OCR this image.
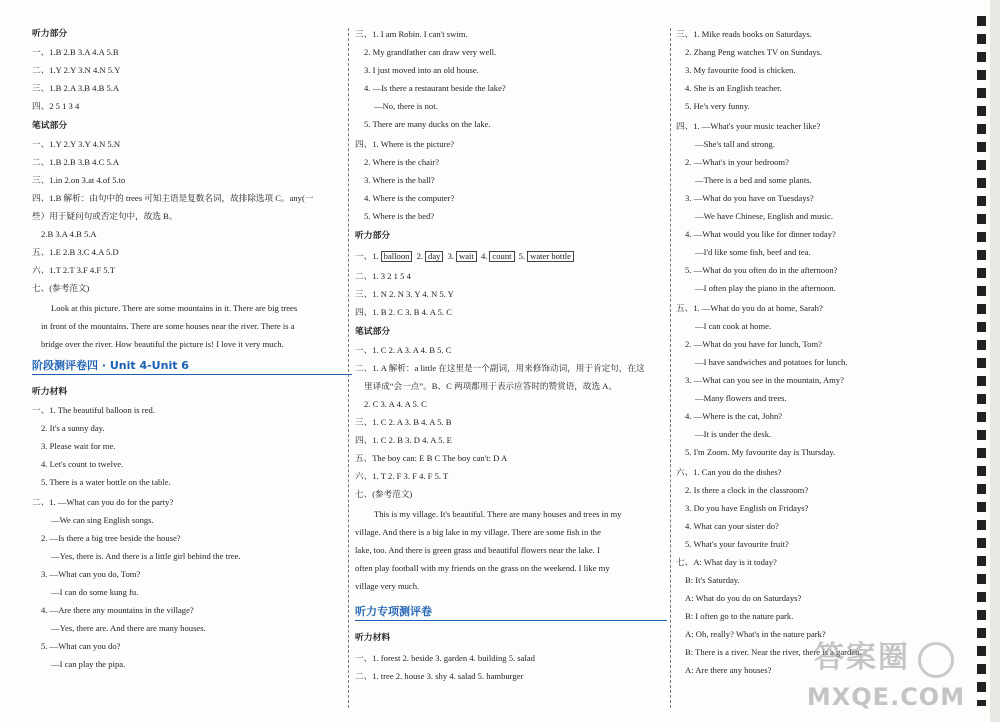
听力部分
一、1.B 2.B 3.A 4.A 5.B
二、1.Y 2.Y 3.N 4.N 5.Y
三、1.B 2.A 3.B 4.B 5.A
四、2 5 1 3 4
笔试部分
一、1.Y 2.Y 3.Y 4.N 5.N
二、1.B 2.B 3.B 4.C 5.A
三、1.in 2.on 3.at 4.of 5.to
四、1.B 解析：由句中的 trees 可知主语是复数名词，故排除选项 C。any(一
些）用于疑问句或否定句中，故选 B。
2.B 3.A 4.B 5.A
五、1.E 2.B 3.C 4.A 5.D
六、1.T 2.T 3.F 4.F 5.T
七、(参考范文)
Look at this picture. There are some mountains in it. There are big trees
in front of the mountains. There are some houses near the river. There is a
bridge over the river. How beautiful the picture is! I love it very much.
阶段测评卷四 · Unit 4-Unit 6
听力材料
一、1. The beautiful balloon is red.
2. It's a sunny day.
3. Please wait for me.
4. Let's count to twelve.
5. There is a water bottle on the table.
二、1. —What can you do for the party?
—We can sing English songs.
2. —Is there a big tree beside the house?
—Yes, there is. And there is a little girl behind the tree.
3. —What can you do, Tom?
—I can do some kung fu.
4. —Are there any mountains in the village?
—Yes, there are. And there are many houses.
5. —What can you do?
—I can play the pipa.
三、1. I am Robin. I can't swim.
2. My grandfather can draw very well.
3. I just moved into an old house.
4. —Is there a restaurant beside the lake?
—No, there is not.
5. There are many ducks on the lake.
四、1. Where is the picture?
2. Where is the chair?
3. Where is the ball?
4. Where is the computer?
5. Where is the bed?
听力部分
一、1. balloon 2. day 3. wait 4. count 5. water bottle
二、1. 3 2 1 5 4
三、1. N 2. N 3. Y 4. N 5. Y
四、1. B 2. C 3. B 4. A 5. C
笔试部分
一、1. C 2. A 3. A 4. B 5. C
二、1. A 解析：a little 在这里是一个副词，用来修饰动词，用于肯定句，在这
里译成“会一点”。B、C 两项都用于表示应答时的赞赏语，故选 A。
2. C 3. A 4. A 5. C
三、1. C 2. A 3. B 4. A 5. B
四、1. C 2. B 3. D 4. A 5. E
五、The boy can: E B C The boy can't: D A
六、1. T 2. F 3. F 4. F 5. T
七、(参考范文)
This is my village. It's beautiful. There are many houses and trees in my
village. And there is a big lake in my village. There are some fish in the
lake, too. And there is green grass and beautiful flowers near the lake. I
often play football with my friends on the grass on the weekend. I like my
village very much.
听力专项测评卷
听力材料
一、1. forest 2. beside 3. garden 4. building 5. salad
二、1. tree 2. house 3. shy 4. salad 5. hamburger
三、1. Mike reads books on Saturdays.
2. Zhang Peng watches TV on Sundays.
3. My favourite food is chicken.
4. She is an English teacher.
5. He's very funny.
四、1. —What's your music teacher like?
—She's tall and strong.
2. —What's in your bedroom?
—There is a bed and some plants.
3. —What do you have on Tuesdays?
—We have Chinese, English and music.
4. —What would you like for dinner today?
—I'd like some fish, beef and tea.
5. —What do you often do in the afternoon?
—I often play the piano in the afternoon.
五、1. —What do you do at home, Sarah?
—I can cook at home.
2. —What do you have for lunch, Tom?
—I have sandwiches and potatoes for lunch.
3. —What can you see in the mountain, Amy?
—Many flowers and trees.
4. —Where is the cat, John?
—It is under the desk.
5. I'm Zoom. My favourite day is Thursday.
六、1. Can you do the dishes?
2. Is there a clock in the classroom?
3. Do you have English on Fridays?
4. What can your sister do?
5. What's your favourite fruit?
七、A: What day is it today?
B: It's Saturday.
A: What do you do on Saturdays?
B: I often go to the nature park.
A: Oh, really? What's in the nature park?
B: There is a river. Near the river, there is a garden.
A: Are there any houses?	答案圈
MXQE.COM
